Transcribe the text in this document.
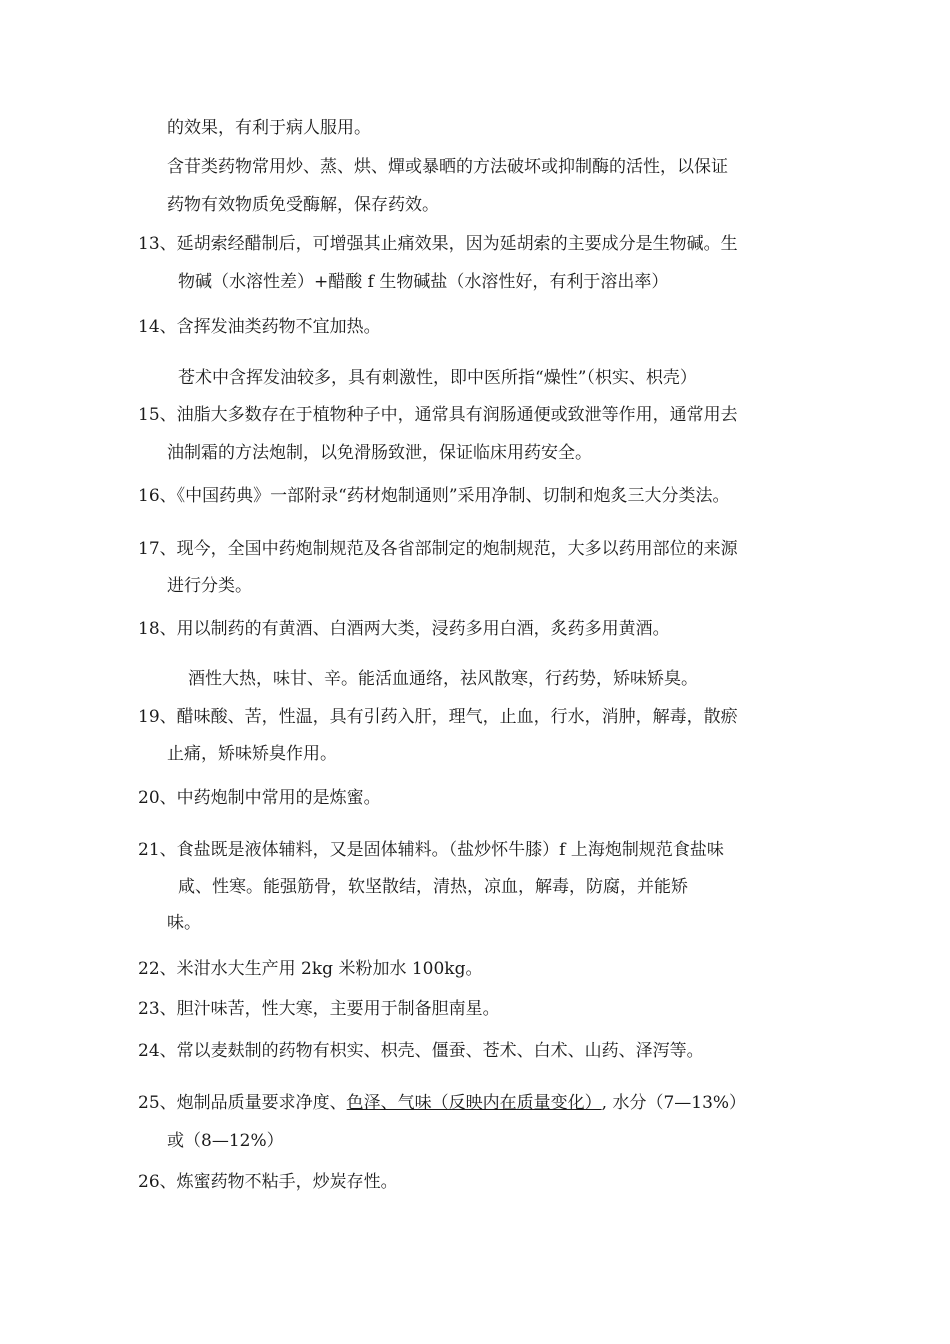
的效果，有利于病人服用。
含苷类药物常用炒、蒸、烘、燀或暴晒的方法破坏或抑制酶的活性，以保证
药物有效物质免受酶解，保存药效。
13、延胡索经醋制后，可增强其止痛效果，因为延胡索的主要成分是生物碱。生
物碱（水溶性差）+醋酸 f 生物碱盐（水溶性好，有利于溶出率）
14、含挥发油类药物不宜加热。
苍术中含挥发油较多，具有刺激性，即中医所指“燥性”（枳实、枳壳）
15、油脂大多数存在于植物种子中，通常具有润肠通便或致泄等作用，通常用去
油制霜的方法炮制，以免滑肠致泄，保证临床用药安全。
16、《中国药典》一部附录“药材炮制通则”采用净制、切制和炮炙三大分类法。
17、现今，全国中药炮制规范及各省部制定的炮制规范，大多以药用部位的来源
进行分类。
18、用以制药的有黄酒、白酒两大类，浸药多用白酒，炙药多用黄酒。
酒性大热，味甘、辛。能活血通络，祛风散寒，行药势，矫味矫臭。
19、醋味酸、苦，性温，具有引药入肝，理气，止血，行水，消肿，解毒，散瘀
止痛，矫味矫臭作用。
20、中药炮制中常用的是炼蜜。
21、食盐既是液体辅料，又是固体辅料。（盐炒怀牛膝）f 上海炮制规范食盐味
咸、性寒。能强筋骨，软坚散结，清热，凉血，解毒，防腐，并能矫
味。
22、米泔水大生产用 2kg 米粉加水 100kg。
23、胆汁味苦，性大寒，主要用于制备胆南星。
24、常以麦麸制的药物有枳实、枳壳、僵蚕、苍术、白术、山药、泽泻等。
25、炮制品质量要求净度、色泽、气味（反映内在质量变化）, 水分（7—13%）
或（8—12%）
26、炼蜜药物不粘手，炒炭存性。
